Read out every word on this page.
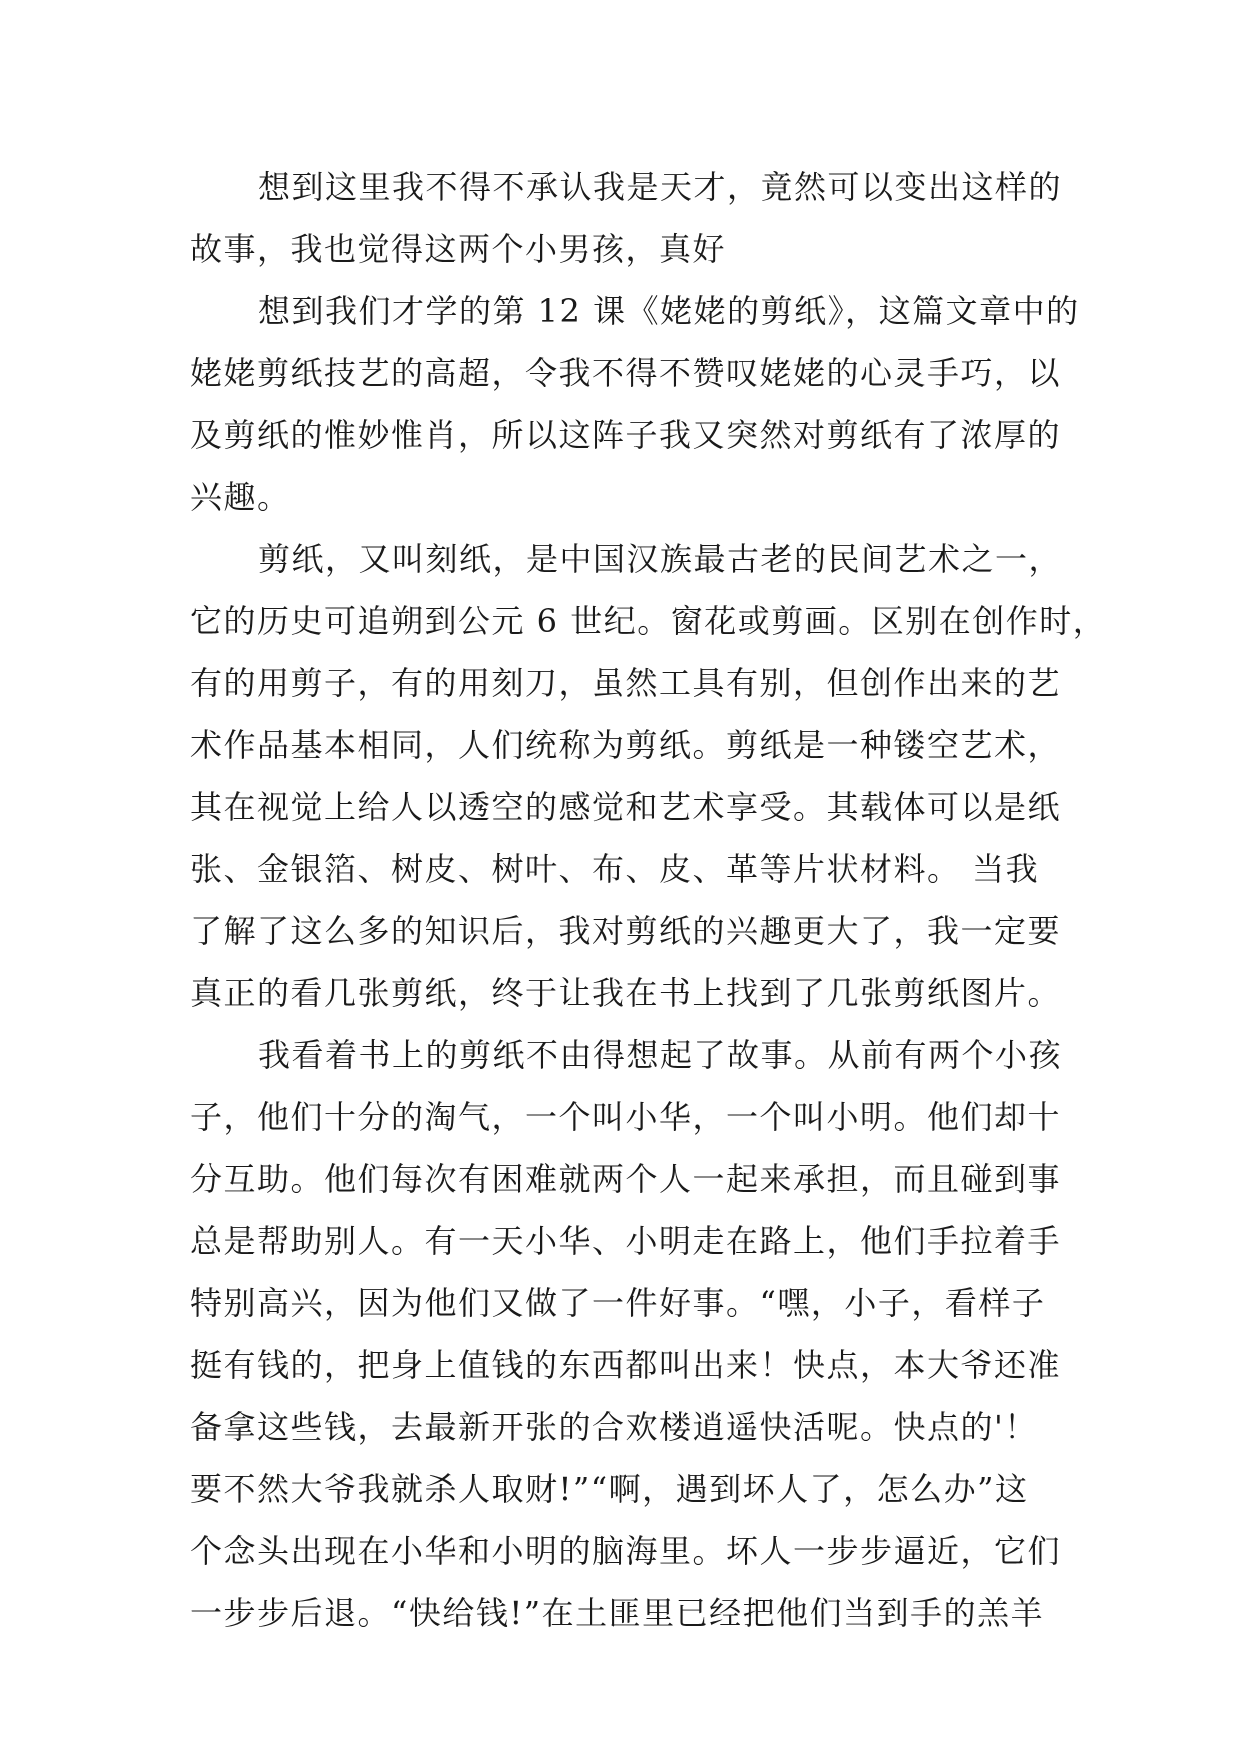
想到这里我不得不承认我是天才，竟然可以变出这样的
故事，我也觉得这两个小男孩，真好
想到我们才学的第 12 课《姥姥的剪纸》，这篇文章中的
姥姥剪纸技艺的高超，令我不得不赞叹姥姥的心灵手巧，以
及剪纸的惟妙惟肖，所以这阵子我又突然对剪纸有了浓厚的
兴趣。
剪纸，又叫刻纸，是中国汉族最古老的民间艺术之一，
它的历史可追朔到公元 6 世纪。窗花或剪画。区别在创作时，
有的用剪子，有的用刻刀，虽然工具有别，但创作出来的艺
术作品基本相同，人们统称为剪纸。剪纸是一种镂空艺术，
其在视觉上给人以透空的感觉和艺术享受。其载体可以是纸
张、金银箔、树皮、树叶、布、皮、革等片状材料。 当我
了解了这么多的知识后，我对剪纸的兴趣更大了，我一定要
真正的看几张剪纸，终于让我在书上找到了几张剪纸图片。
我看着书上的剪纸不由得想起了故事。从前有两个小孩
子，他们十分的淘气，一个叫小华，一个叫小明。他们却十
分互助。他们每次有困难就两个人一起来承担，而且碰到事
总是帮助别人。有一天小华、小明走在路上，他们手拉着手
特别高兴，因为他们又做了一件好事。“嘿，小子，看样子
挺有钱的，把身上值钱的东西都叫出来！快点，本大爷还准
备拿这些钱，去最新开张的合欢楼逍遥快活呢。快点的'！
要不然大爷我就杀人取财!”“啊，遇到坏人了，怎么办”这
个念头出现在小华和小明的脑海里。坏人一步步逼近，它们
一步步后退。“快给钱!”在土匪里已经把他们当到手的羔羊
